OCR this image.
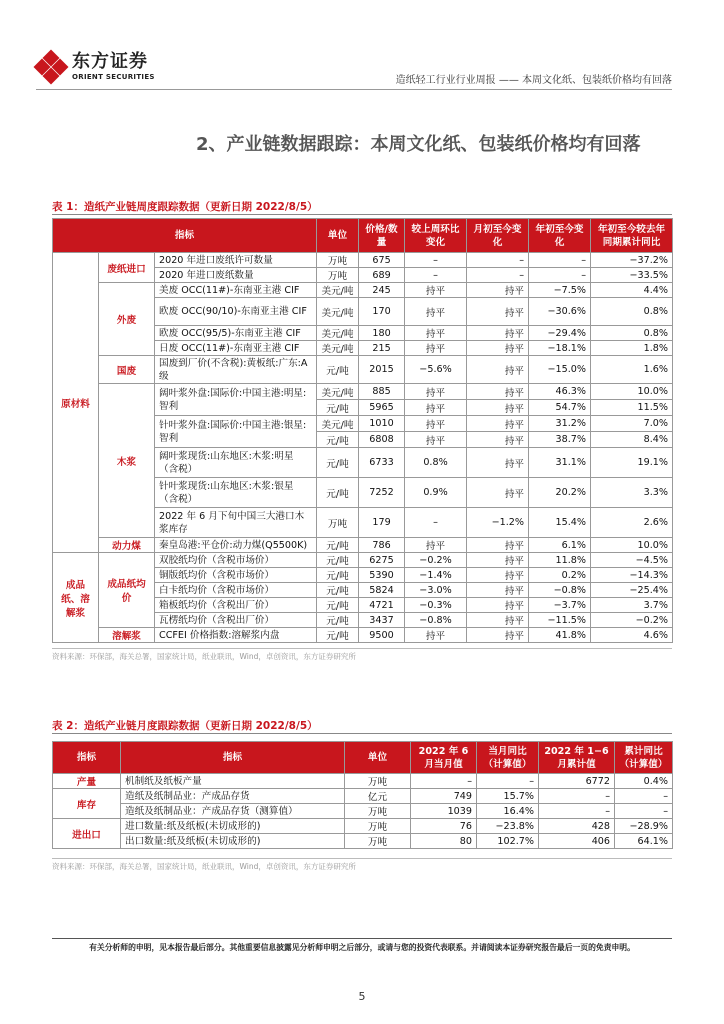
东方证券
ORIENT SECURITIES	造纸轻工行业行业周报 —— 本周文化纸、包装纸价格均有回落
2、产业链数据跟踪：本周文化纸、包装纸价格均有回落
表 1：造纸产业链周度跟踪数据（更新日期 2022/8/5）
指标			单位	价格/数量	较上周环比变化	月初至今变化	年初至今变化	年初至今较去年同期累计同比
原材料	废纸进口	2020 年进口废纸许可数量	万吨	675	–	–	–	−37.2%
		2020 年进口废纸数量	万吨	689	–	–	–	−33.5%
	外废	美废 OCC(11#)-东南亚主港 CIF	美元/吨	245	持平	持平	−7.5%	4.4%
		欧废 OCC(90/10)-东南亚主港 CIF	美元/吨	170	持平	持平	−30.6%	0.8%
		欧废 OCC(95/5)-东南亚主港 CIF	美元/吨	180	持平	持平	−29.4%	0.8%
		日废 OCC(11#)-东南亚主港 CIF	美元/吨	215	持平	持平	−18.1%	1.8%
	国废	国废到厂价(不含税):黄板纸:广东:A级	元/吨	2015	−5.6%	持平	−15.0%	1.6%
	木浆	阔叶浆外盘:国际价:中国主港:明星:智利	美元/吨	885	持平	持平	46.3%	10.0%
			元/吨	5965	持平	持平	54.7%	11.5%
		针叶浆外盘:国际价:中国主港:银星:智利	美元/吨	1010	持平	持平	31.2%	7.0%
			元/吨	6808	持平	持平	38.7%	8.4%
		阔叶浆现货:山东地区:木浆:明星（含税）	元/吨	6733	0.8%	持平	31.1%	19.1%
		针叶浆现货:山东地区:木浆:银星（含税）	元/吨	7252	0.9%	持平	20.2%	3.3%
		2022 年 6 月下旬中国三大港口木浆库存	万吨	179	–	−1.2%	15.4%	2.6%
	动力煤	秦皇岛港:平仓价:动力煤(Q5500K)	元/吨	786	持平	持平	6.1%	10.0%
成品纸、溶解浆	成品纸均价	双胶纸均价（含税市场价）	元/吨	6275	−0.2%	持平	11.8%	−4.5%
		铜版纸均价（含税市场价）	元/吨	5390	−1.4%	持平	0.2%	−14.3%
		白卡纸均价（含税市场价）	元/吨	5824	−3.0%	持平	−0.8%	−25.4%
		箱板纸均价（含税出厂价）	元/吨	4721	−0.3%	持平	−3.7%	3.7%
		瓦楞纸均价（含税出厂价）	元/吨	3437	−0.8%	持平	−11.5%	−0.2%
	溶解浆	CCFEI 价格指数:溶解浆内盘	元/吨	9500	持平	持平	41.8%	4.6%
资料来源：环保部，海关总署，国家统计局，纸业联讯，Wind，卓创资讯，东方证券研究所
表 2：造纸产业链月度跟踪数据（更新日期 2022/8/5）
指标	指标	单位	2022 年 6 月当月值	当月同比（计算值）	2022 年 1−6 月累计值	累计同比（计算值）
产量	机制纸及纸板产量	万吨	–	–	6772	0.4%
库存	造纸及纸制品业：产成品存货	亿元	749	15.7%	–	–
	造纸及纸制品业：产成品存货（测算值）	万吨	1039	16.4%	–	–
进出口	进口数量:纸及纸板(未切成形的)	万吨	76	−23.8%	428	−28.9%
	出口数量:纸及纸板(未切成形的)	万吨	80	102.7%	406	64.1%
资料来源：环保部，海关总署，国家统计局，纸业联讯，Wind，卓创资讯，东方证券研究所
有关分析师的申明，见本报告最后部分。其他重要信息披露见分析师申明之后部分，或请与您的投资代表联系。并请阅读本证券研究报告最后一页的免责申明。
5
